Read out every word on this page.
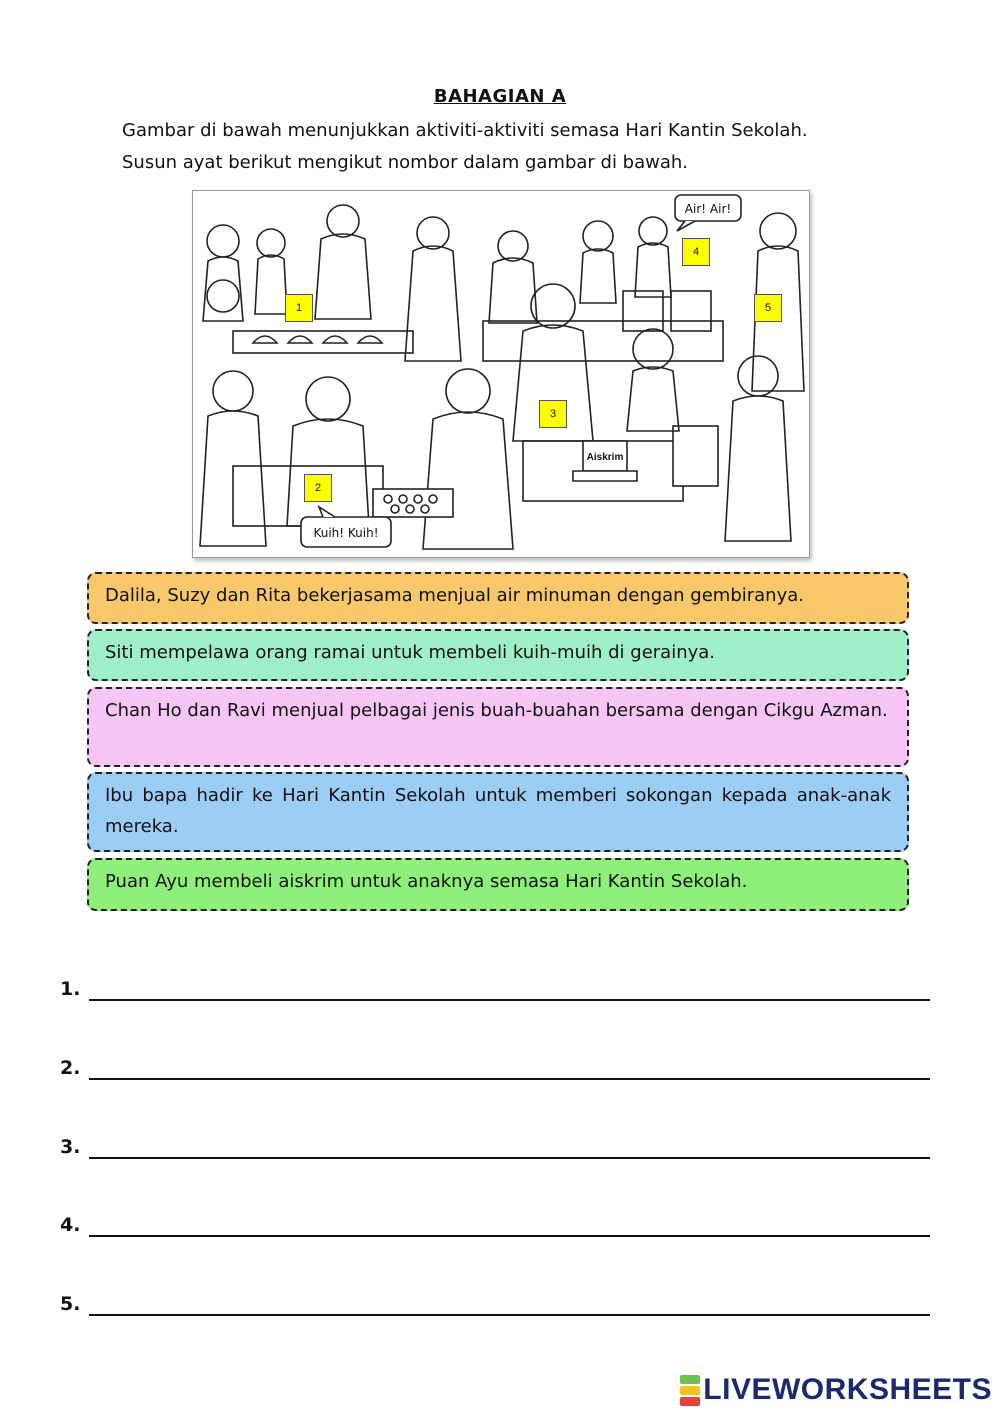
BAHAGIAN A
Gambar di bawah menunjukkan aktiviti-aktiviti semasa Hari Kantin Sekolah.
Susun ayat berikut mengikut nombor dalam gambar di bawah.
Aiskrim
Air! Air!
Kuih! Kuih!
1
2
3
4
5
Dalila, Suzy dan Rita bekerjasama menjual air minuman dengan gembiranya.
Siti mempelawa orang ramai untuk membeli kuih-muih di gerainya.
Chan Ho dan Ravi menjual pelbagai jenis buah-buahan bersama dengan Cikgu Azman.
Ibu bapa hadir ke Hari Kantin Sekolah untuk memberi sokongan kepada anak-anak mereka.
Puan Ayu membeli aiskrim untuk anaknya semasa Hari Kantin Sekolah.
1.
2.
3.
4.
5.
LIVEWORKSHEETS
